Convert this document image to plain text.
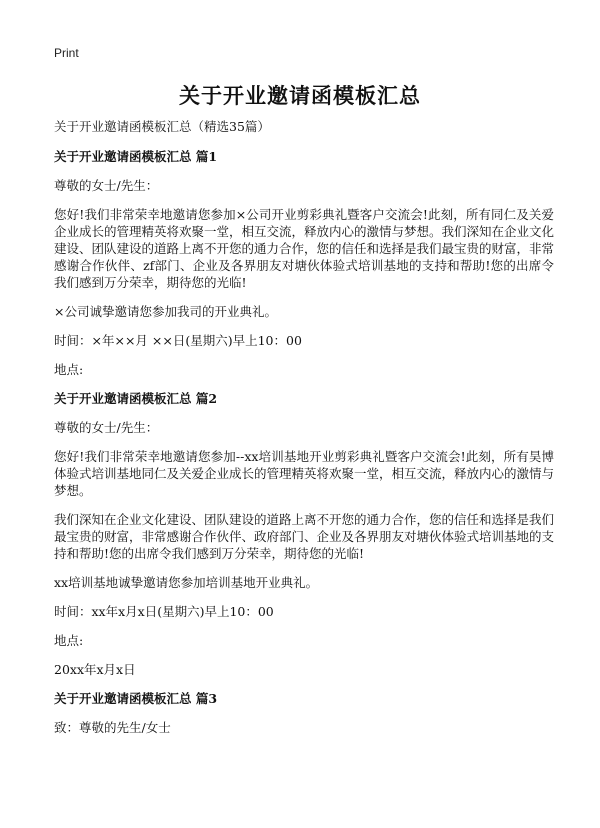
Print
关于开业邀请函模板汇总

关于开业邀请函模板汇总（精选35篇）

关于开业邀请函模板汇总 篇1

尊敬的女士/先生：

您好!我们非常荣幸地邀请您参加×公司开业剪彩典礼暨客户交流会!此刻，所有同仁及关爱企业成长的管理精英将欢聚一堂，相互交流，释放内心的激情与梦想。我们深知在企业文化建设、团队建设的道路上离不开您的通力合作，您的信任和选择是我们最宝贵的财富，非常感谢合作伙伴、zf部门、企业及各界朋友对塘伙体验式培训基地的支持和帮助!您的出席令我们感到万分荣幸，期待您的光临!

×公司诚挚邀请您参加我司的开业典礼。

时间：×年××月 ××日(星期六)早上10：00

地点:

关于开业邀请函模板汇总 篇2

尊敬的女士/先生：

您好!我们非常荣幸地邀请您参加--xx培训基地开业剪彩典礼暨客户交流会!此刻，所有昊博体验式培训基地同仁及关爱企业成长的管理精英将欢聚一堂，相互交流，释放内心的激情与梦想。

我们深知在企业文化建设、团队建设的道路上离不开您的通力合作，您的信任和选择是我们最宝贵的财富，非常感谢合作伙伴、政府部门、企业及各界朋友对塘伙体验式培训基地的支持和帮助!您的出席令我们感到万分荣幸，期待您的光临!

xx培训基地诚挚邀请您参加培训基地开业典礼。

时间：xx年x月x日(星期六)早上10：00

地点:

20xx年x月x日

关于开业邀请函模板汇总 篇3

致：尊敬的先生/女士
